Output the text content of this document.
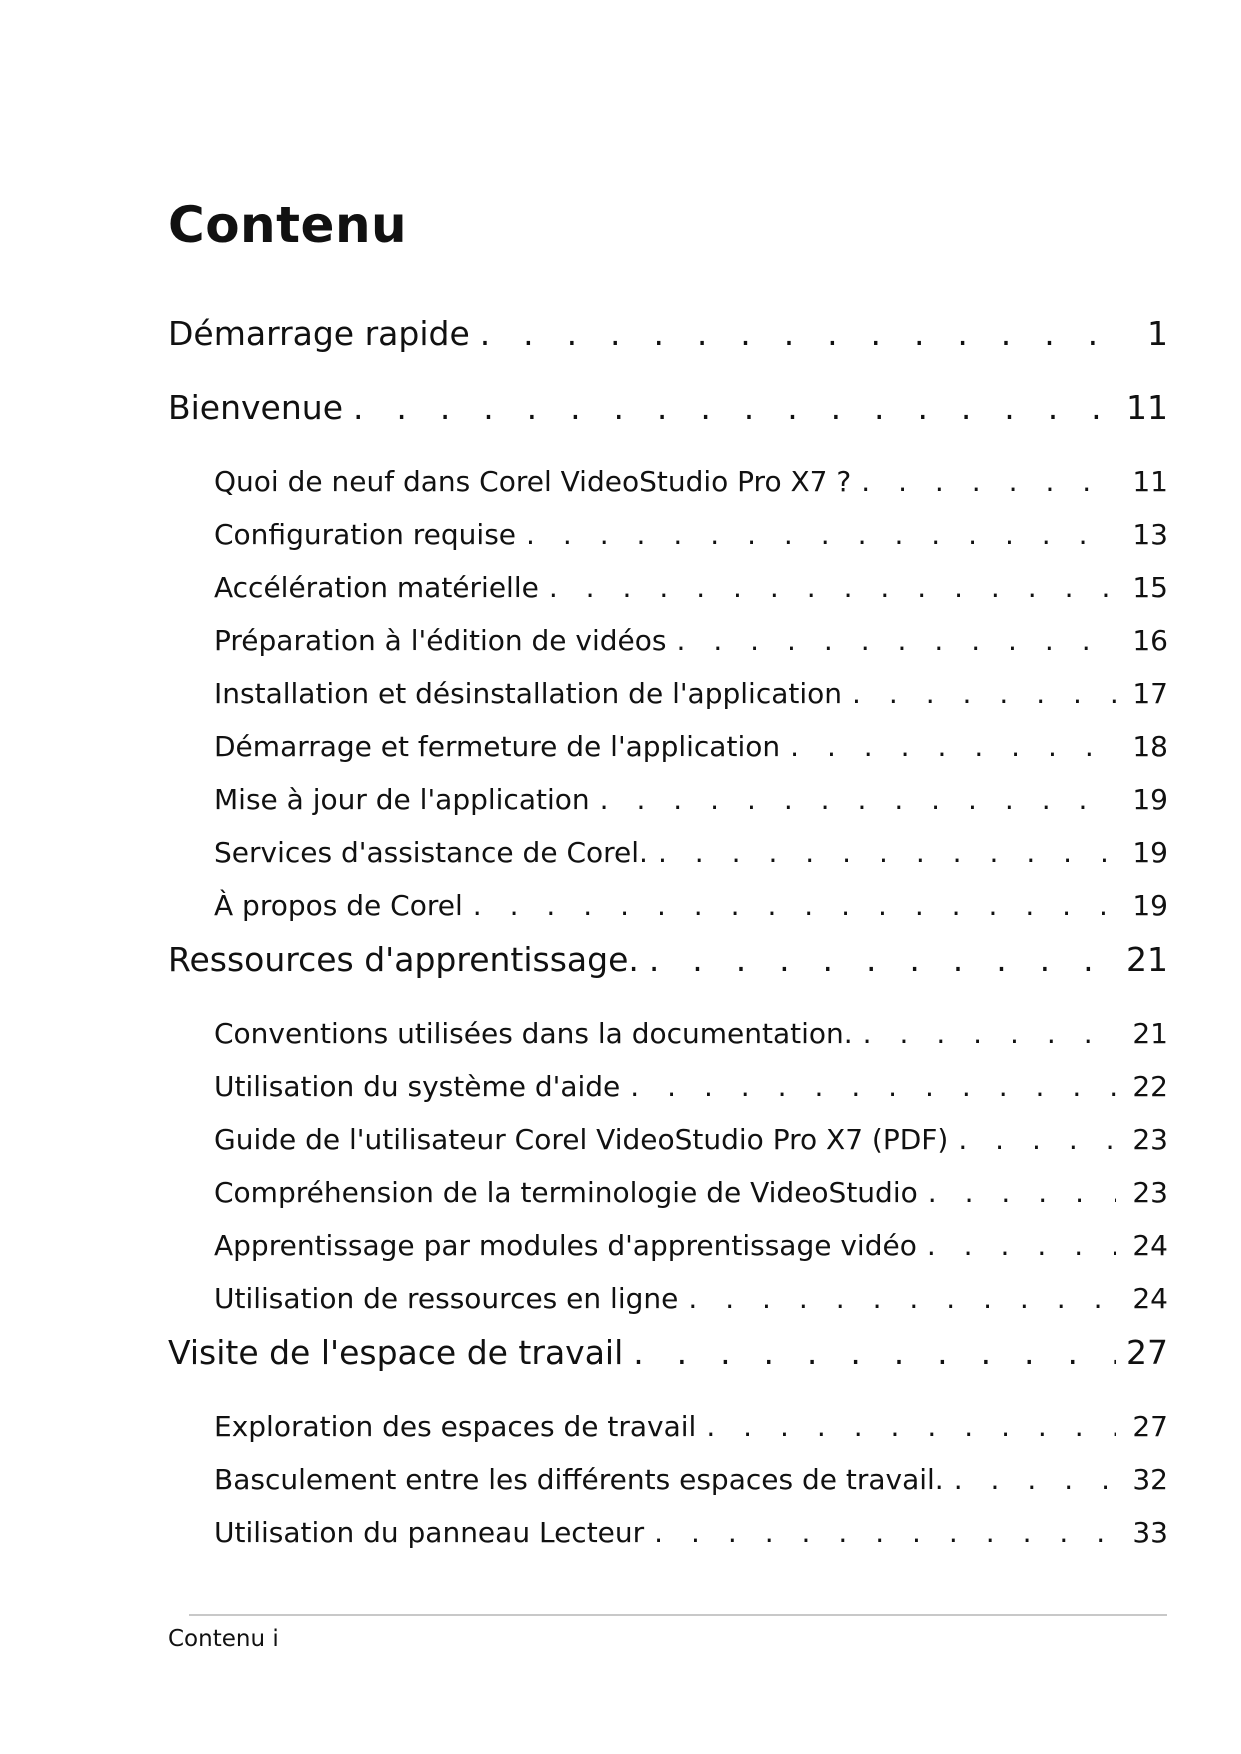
Contenu
Démarrage rapide . . .	1
Bienvenue . . .	11
Quoi de neuf dans Corel VideoStudio Pro X7 ? . . .	11
Configuration requise . . .	13
Accélération matérielle . . .	15
Préparation à l'édition de vidéos . . .	16
Installation et désinstallation de l'application . . .	17
Démarrage et fermeture de l'application . . .	18
Mise à jour de l'application . . .	19
Services d'assistance de Corel. . . .	19
À propos de Corel . . .	19
Ressources d'apprentissage. . . .	21
Conventions utilisées dans la documentation. . . .	21
Utilisation du système d'aide . . .	22
Guide de l'utilisateur Corel VideoStudio Pro X7 (PDF) . . .	23
Compréhension de la terminologie de VideoStudio . . .	23
Apprentissage par modules d'apprentissage vidéo . . .	24
Utilisation de ressources en ligne . . .	24
Visite de l'espace de travail . . .	27
Exploration des espaces de travail . . .	27
Basculement entre les différents espaces de travail. . . .	32
Utilisation du panneau Lecteur . . .	33
Contenu i
